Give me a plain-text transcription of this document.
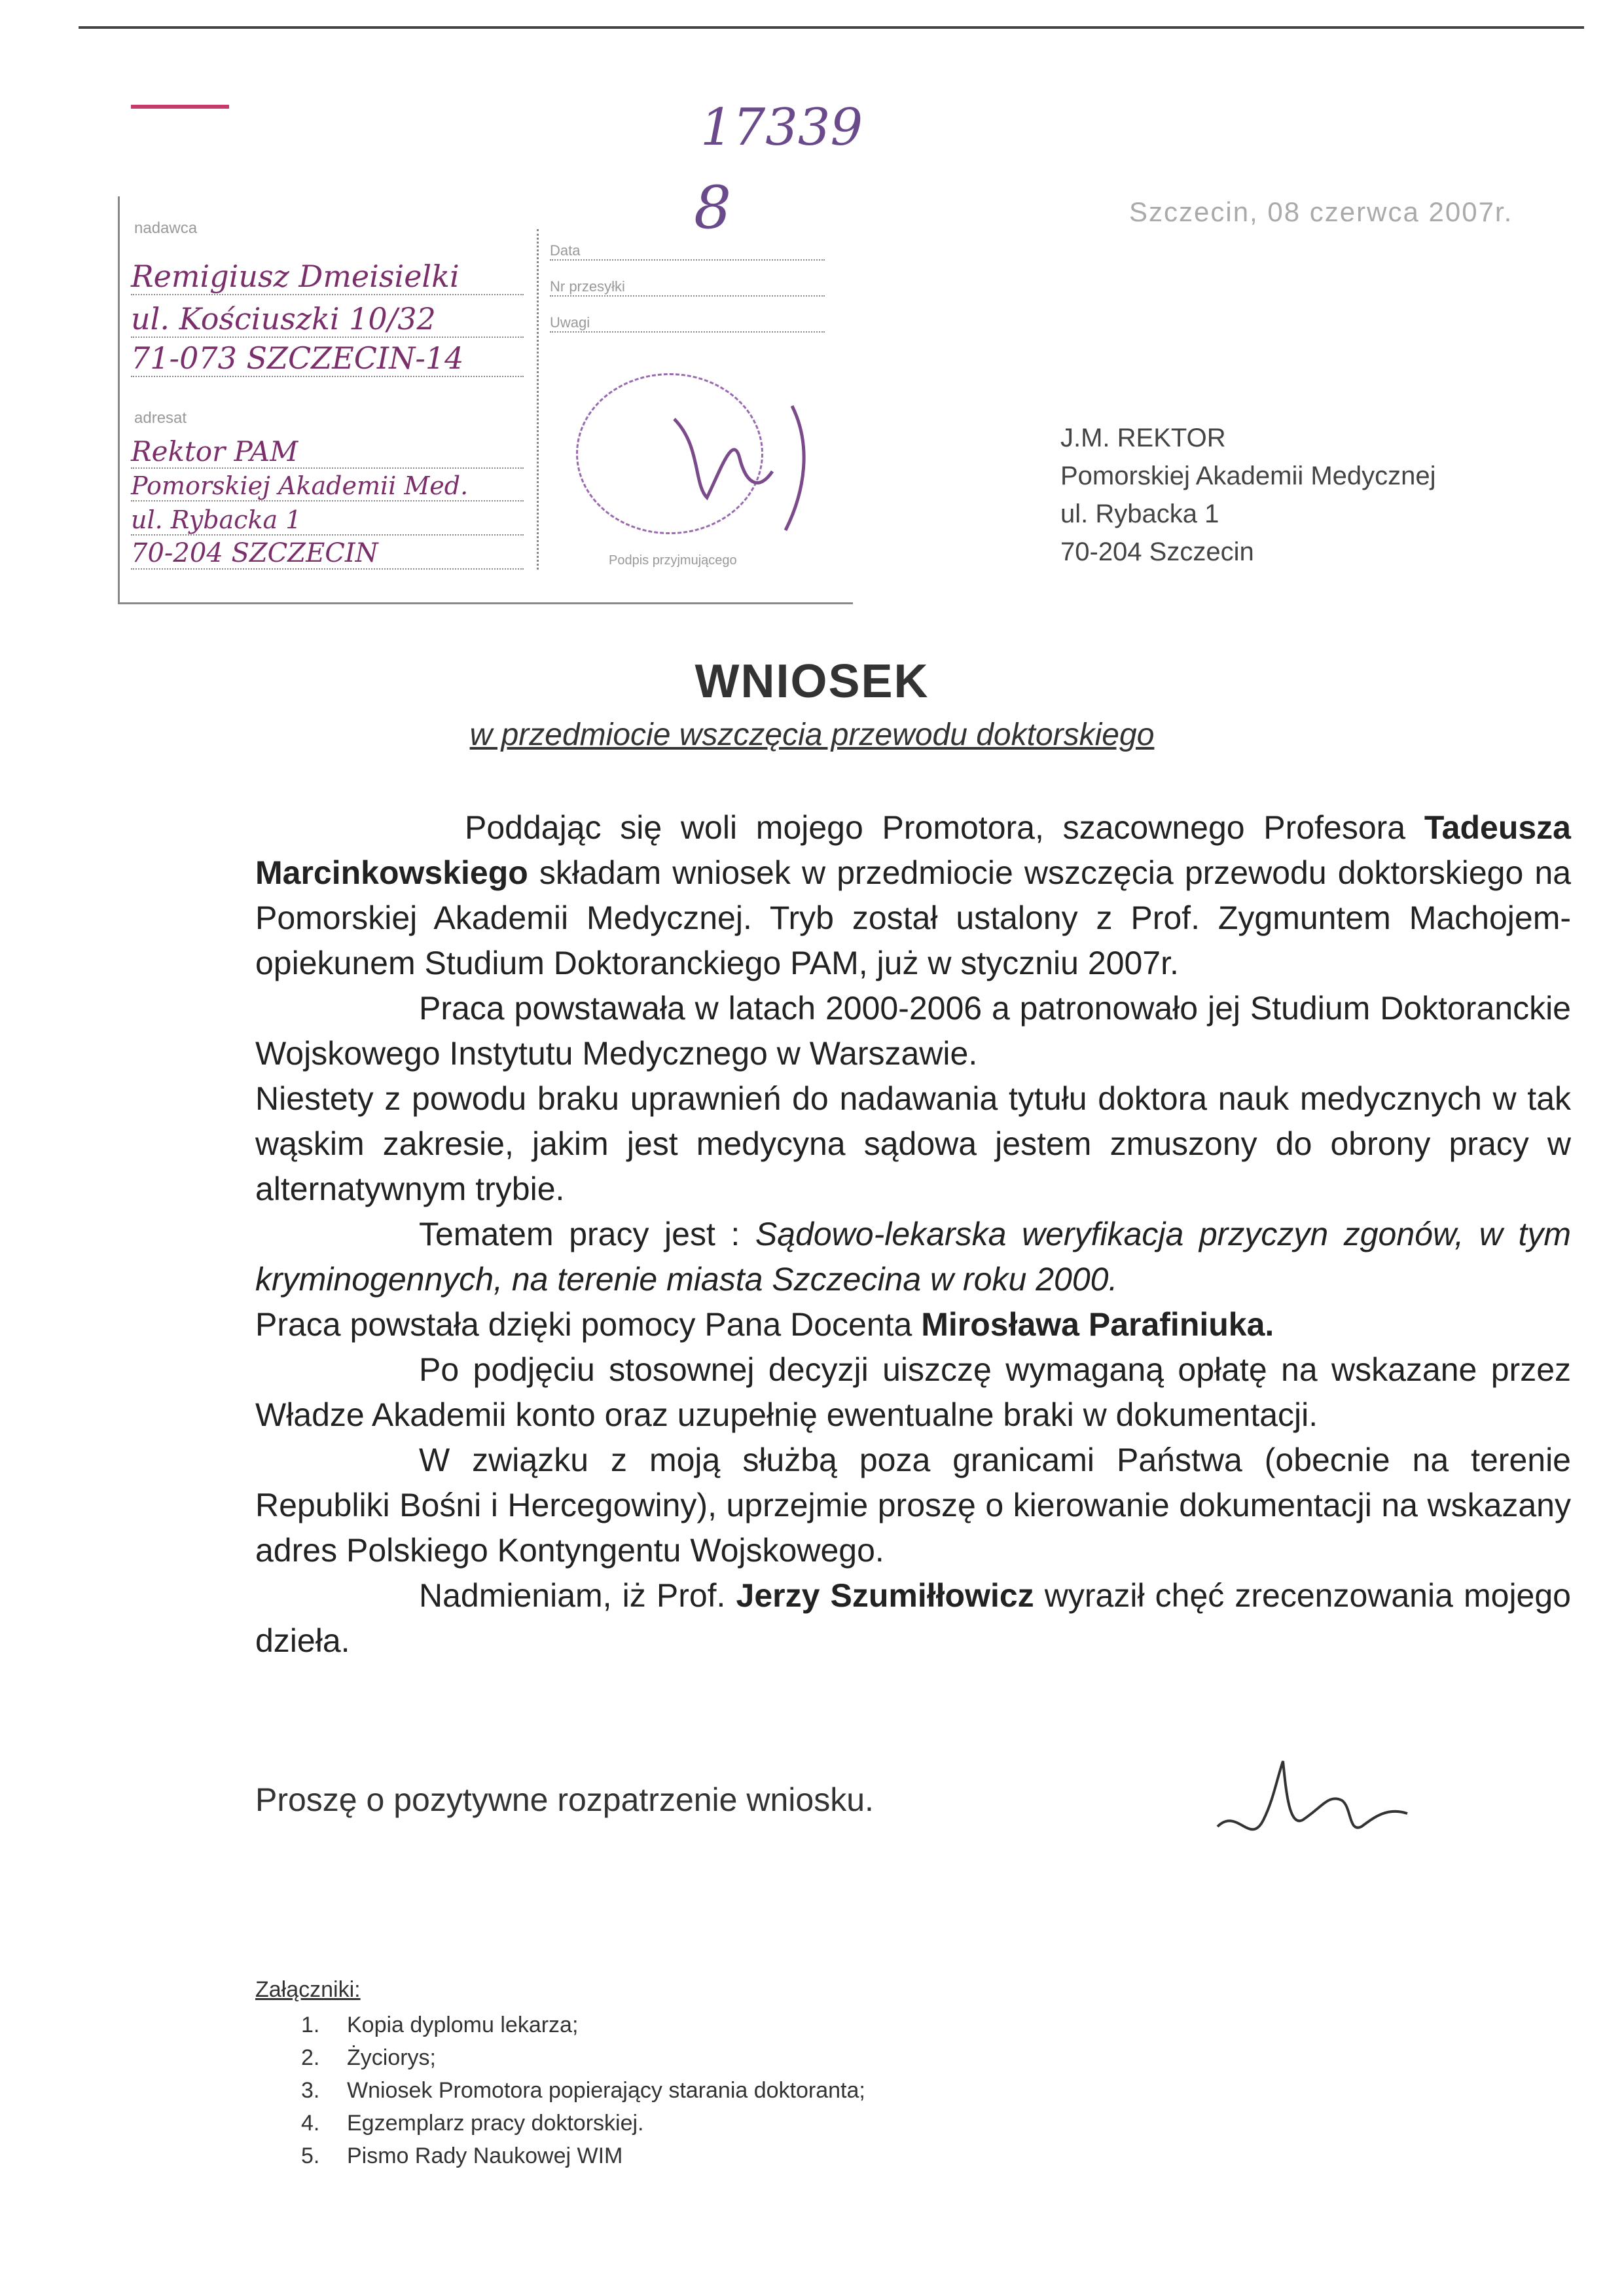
17339
8
nadawca
Remigiusz Dmeisielki
ul. Kościuszki 10/32
71-073 SZCZECIN-14
adresat
Rektor PAM
Pomorskiej Akademii Med.
ul. Rybacka 1
70-204 SZCZECIN
Data
Nr przesyłki
Uwagi
Podpis przyjmującego
Szczecin, 08 czerwca 2007r.
J.M. REKTOR
Pomorskiej Akademii Medycznej
ul. Rybacka 1
70-204 Szczecin
WNIOSEK
w przedmiocie wszczęcia przewodu doktorskiego

Poddając się woli mojego Promotora, szacownego Profesora Tadeusza Marcinkowskiego składam wniosek w przedmiocie wszczęcia przewodu doktorskiego na Pomorskiej Akademii Medycznej. Tryb został ustalony z Prof. Zygmuntem Machojem- opiekunem Studium Doktoranckiego PAM, już w styczniu 2007r.

Praca powstawała w latach 2000-2006 a patronowało jej Studium Doktoranckie Wojskowego Instytutu Medycznego w Warszawie.

Niestety z powodu braku uprawnień do nadawania tytułu doktora nauk medycznych w tak wąskim zakresie, jakim jest medycyna sądowa jestem zmuszony do obrony pracy w alternatywnym trybie.

Tematem pracy jest : Sądowo-lekarska weryfikacja przyczyn zgonów, w tym kryminogennych, na terenie miasta Szczecina w roku 2000.

Praca powstała dzięki pomocy Pana Docenta Mirosława Parafiniuka.

Po podjęciu stosownej decyzji uiszczę wymaganą opłatę na wskazane przez Władze Akademii konto oraz uzupełnię ewentualne braki w dokumentacji.

W związku z moją służbą poza granicami Państwa (obecnie na terenie Republiki Bośni i Hercegowiny), uprzejmie proszę o kierowanie dokumentacji na wskazany adres Polskiego Kontyngentu Wojskowego.

Nadmieniam, iż Prof. Jerzy Szumiłłowicz wyraził chęć zrecenzowania mojego dzieła.

Proszę o pozytywne rozpatrzenie wniosku.
Załączniki:
1. Kopia dyplomu lekarza;
2. Życiorys;
3. Wniosek Promotora popierający starania doktoranta;
4. Egzemplarz pracy doktorskiej.
5. Pismo Rady Naukowej WIM
